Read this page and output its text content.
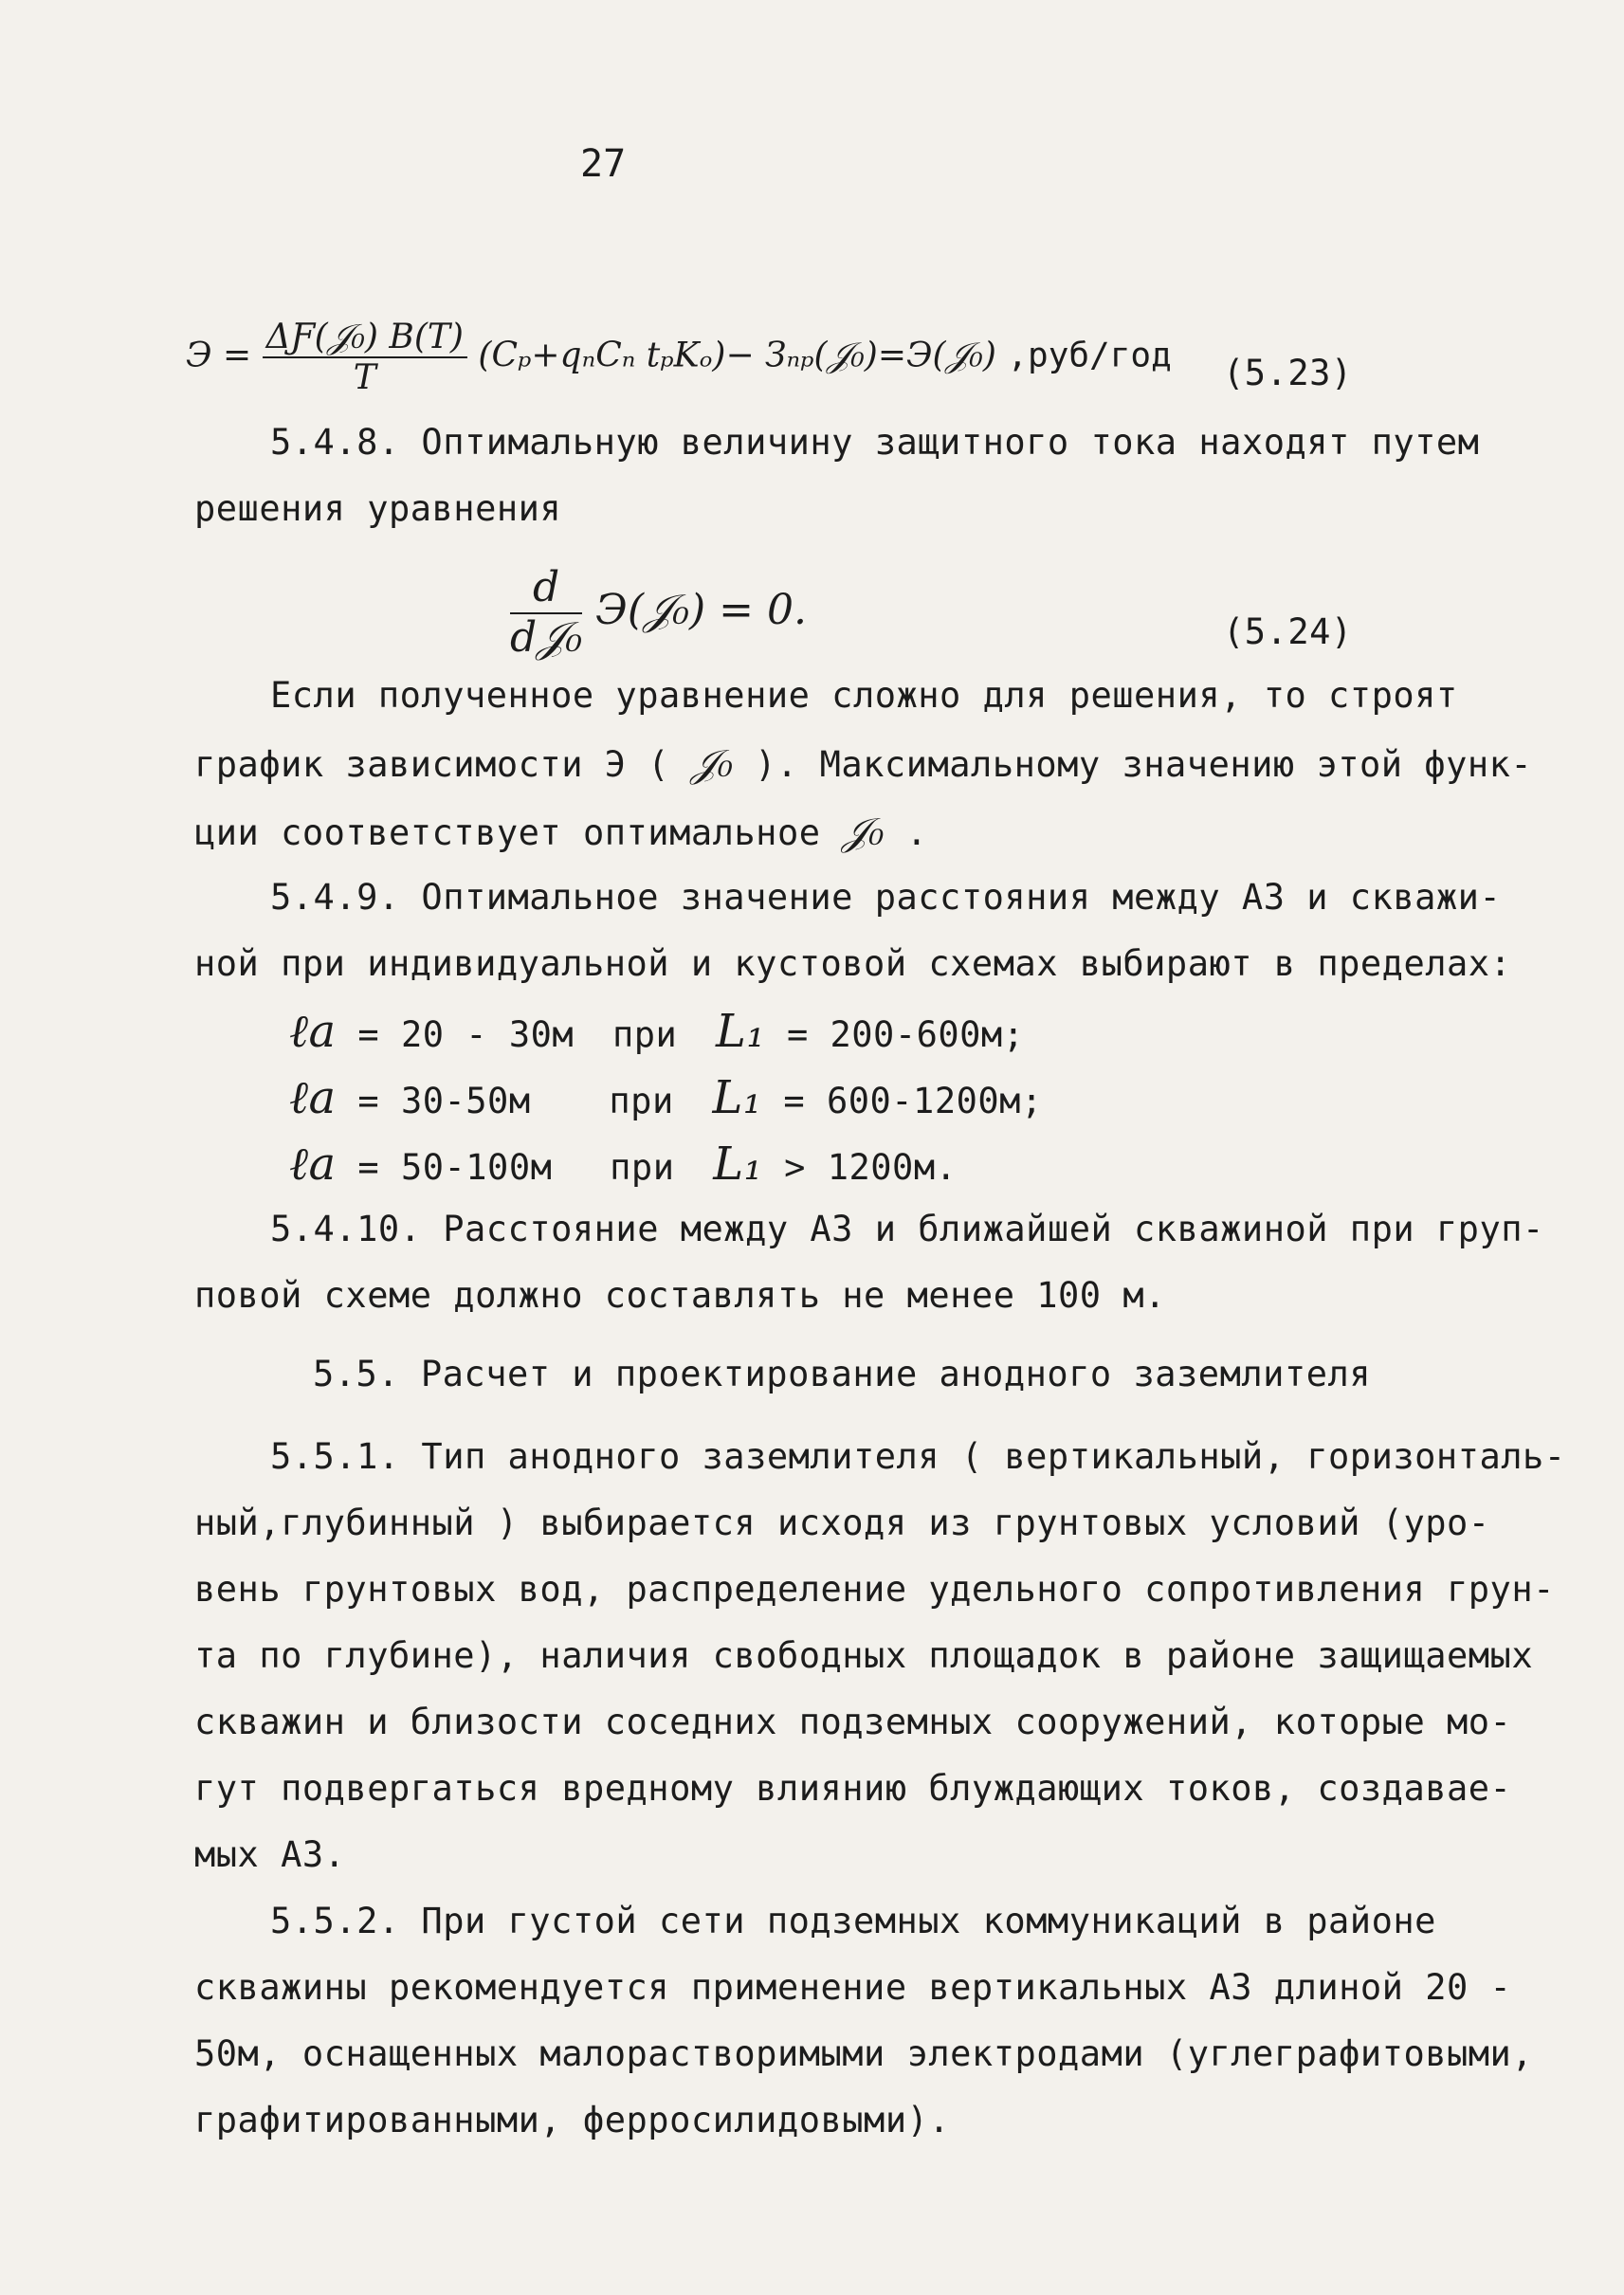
27
$Э = \frac{\text{ΔƑ(𝒥₀) B(T)}}{T} (C_p+q_nC_n$ tₚKₒ)− Зₙₚ(𝒥₀)=Э(𝒥₀) ,руб/год (5.23)
5.4.8. Оптимальную величину защитного тока находят путем
решения уравнения
$\frac{d}{\text{d𝒥₀}}$ Э(𝒥₀) = 0.	(5.24)
Если полученное уравнение сложно для решения, то строят
график зависимости Э ( 𝒥₀ ). Максимальному значению этой функ-
ции соответствует оптимальное 𝒥₀ .
5.4.9. Оптимальное значение расстояния между АЗ и скважи-
ной при индивидуальной и кустовой схемах выбирают в пределах:
ℓa = 20 - 30м при L₁ = 200-600м;
ℓa = 30-50м при L₁ = 600-1200м;
ℓa = 50-100м при L₁ > 1200м.
5.4.10. Расстояние между АЗ и ближайшей скважиной при груп-
повой схеме должно составлять не менее 100 м.
5.5. Расчет и проектирование анодного заземлителя
5.5.1. Тип анодного заземлителя ( вертикальный, горизонталь-
ный,глубинный ) выбирается исходя из грунтовых условий (уро-
вень грунтовых вод, распределение удельного сопротивления грун-
та по глубине), наличия свободных площадок в районе защищаемых
скважин и близости соседних подземных сооружений, которые мо-
гут подвергаться вредному влиянию блуждающих токов, создавае-
мых АЗ.
5.5.2. При густой сети подземных коммуникаций в районе
скважины рекомендуется применение вертикальных АЗ длиной 20 -
50м, оснащенных малорастворимыми электродами (углеграфитовыми,
графитированными, ферросилидовыми).
